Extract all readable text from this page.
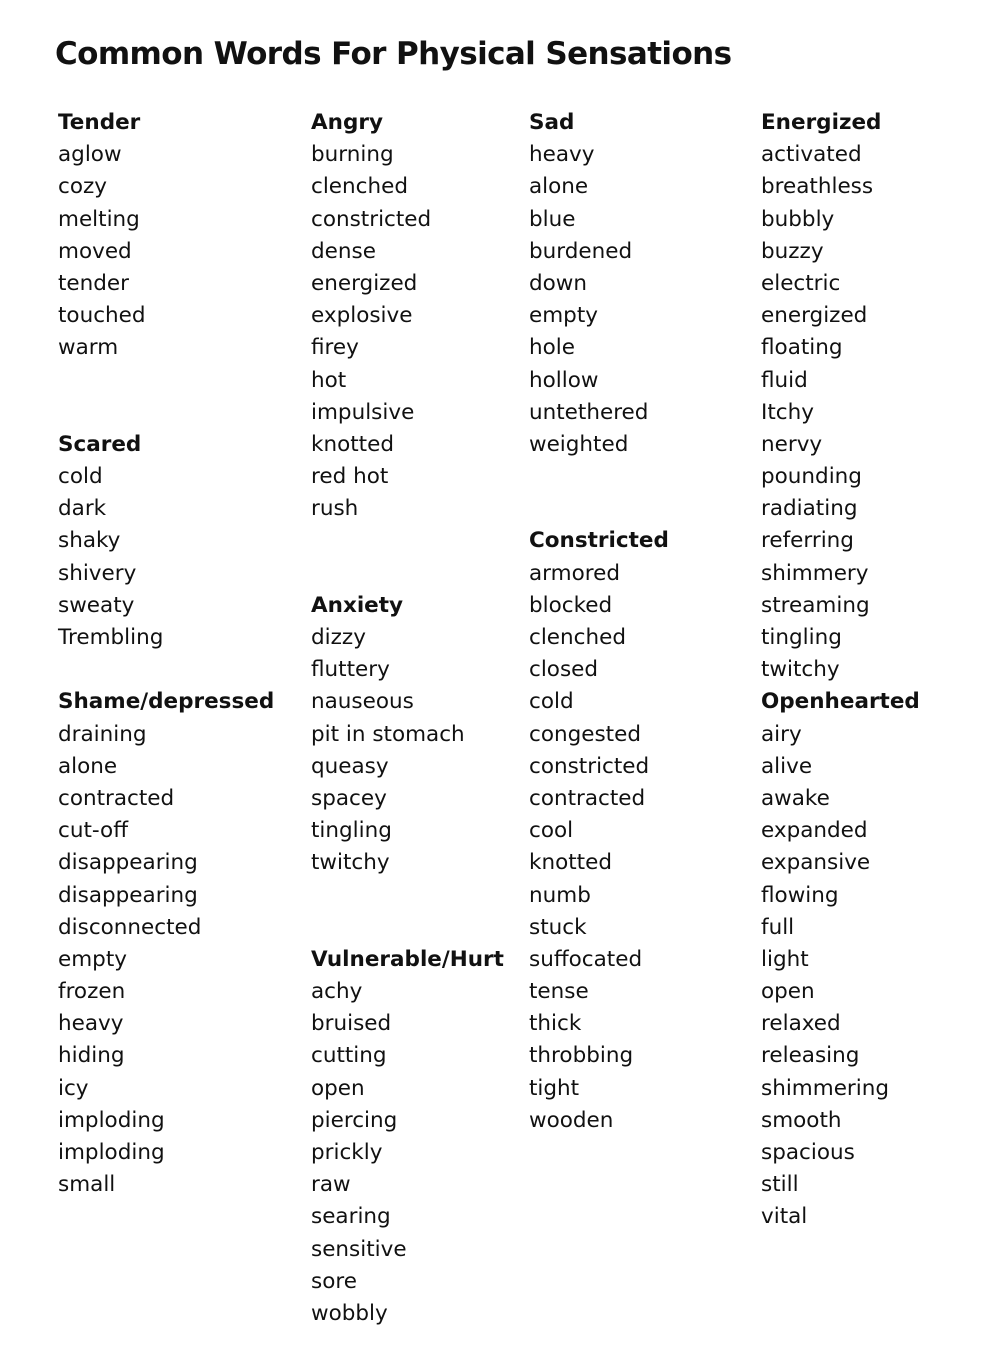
Common Words For Physical Sensations
Tender
aglow
cozy
melting
moved
tender
touched
warm
Scared
cold
dark
shaky
shivery
sweaty
Trembling
Shame/depressed
draining
alone
contracted
cut-off
disappearing
disappearing
disconnected
empty
frozen
heavy
hiding
icy
imploding
imploding
small
Angry
burning
clenched
constricted
dense
energized
explosive
firey
hot
impulsive
knotted
red hot
rush
Anxiety
dizzy
fluttery
nauseous
pit in stomach
queasy
spacey
tingling
twitchy
Vulnerable/Hurt
achy
bruised
cutting
open
piercing
prickly
raw
searing
sensitive
sore
wobbly
Sad
heavy
alone
blue
burdened
down
empty
hole
hollow
untethered
weighted
Constricted
armored
blocked
clenched
closed
cold
congested
constricted
contracted
cool
knotted
numb
stuck
suffocated
tense
thick
throbbing
tight
wooden
Energized
activated
breathless
bubbly
buzzy
electric
energized
floating
fluid
Itchy
nervy
pounding
radiating
referring
shimmery
streaming
tingling
twitchy
Openhearted
airy
alive
awake
expanded
expansive
flowing
full
light
open
relaxed
releasing
shimmering
smooth
spacious
still
vital
